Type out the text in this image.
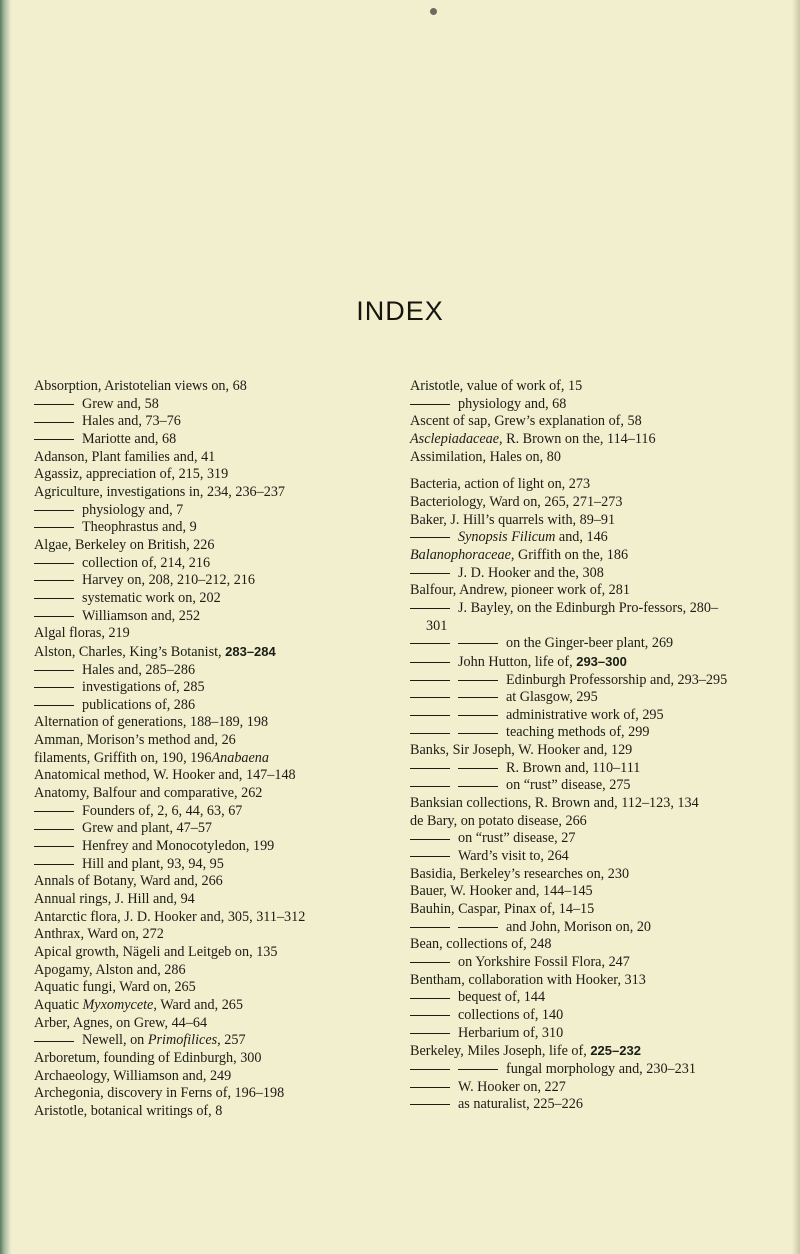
INDEX
Absorption, Aristotelian views on, 68
Grew and, 58
Hales and, 73–76
Mariotte and, 68
Adanson, Plant families and, 41
Agassiz, appreciation of, 215, 319
Agriculture, investigations in, 234, 236–237
physiology and, 7
Theophrastus and, 9
Algae, Berkeley on British, 226
collection of, 214, 216
Harvey on, 208, 210–212, 216
systematic work on, 202
Williamson and, 252
Algal floras, 219
Alston, Charles, King’s Botanist, 283–284
Hales and, 285–286
investigations of, 285
publications of, 286
Alternation of generations, 188–189, 198
Amman, Morison’s method and, 26
filaments, Griffith on, 190, 196Anabaena
Anatomical method, W. Hooker and, 147–148
Anatomy, Balfour and comparative, 262
Founders of, 2, 6, 44, 63, 67
Grew and plant, 47–57
Henfrey and Monocotyledon, 199
Hill and plant, 93, 94, 95
Annals of Botany, Ward and, 266
Annual rings, J. Hill and, 94
Antarctic flora, J. D. Hooker and, 305, 311–312
Anthrax, Ward on, 272
Apical growth, Nägeli and Leitgeb on, 135
Apogamy, Alston and, 286
Aquatic fungi, Ward on, 265
Aquatic Myxomycete, Ward and, 265
Arber, Agnes, on Grew, 44–64
Newell, on Primofilices, 257
Arboretum, founding of Edinburgh, 300
Archaeology, Williamson and, 249
Archegonia, discovery in Ferns of, 196–198
Aristotle, botanical writings of, 8
Aristotle, value of work of, 15
physiology and, 68
Ascent of sap, Grew’s explanation of, 58
Asclepiadaceae, R. Brown on the, 114–116
Assimilation, Hales on, 80
Bacteria, action of light on, 273
Bacteriology, Ward on, 265, 271–273
Baker, J. Hill’s quarrels with, 89–91
Synopsis Filicum and, 146
Balanophoraceae, Griffith on the, 186
J. D. Hooker and the, 308
Balfour, Andrew, pioneer work of, 281
J. Bayley, on the Edinburgh Pro-fessors, 280–301
on the Ginger-beer plant, 269
John Hutton, life of, 293–300
Edinburgh Professorship and, 293–295
at Glasgow, 295
administrative work of, 295
teaching methods of, 299
Banks, Sir Joseph, W. Hooker and, 129
R. Brown and, 110–111
on “rust” disease, 275
Banksian collections, R. Brown and, 112–123, 134
de Bary, on potato disease, 266
on “rust” disease, 27
Ward’s visit to, 264
Basidia, Berkeley’s researches on, 230
Bauer, W. Hooker and, 144–145
Bauhin, Caspar, Pinax of, 14–15
and John, Morison on, 20
Bean, collections of, 248
on Yorkshire Fossil Flora, 247
Bentham, collaboration with Hooker, 313
bequest of, 144
collections of, 140
Herbarium of, 310
Berkeley, Miles Joseph, life of, 225–232
fungal morphology and, 230–231
W. Hooker on, 227
as naturalist, 225–226
